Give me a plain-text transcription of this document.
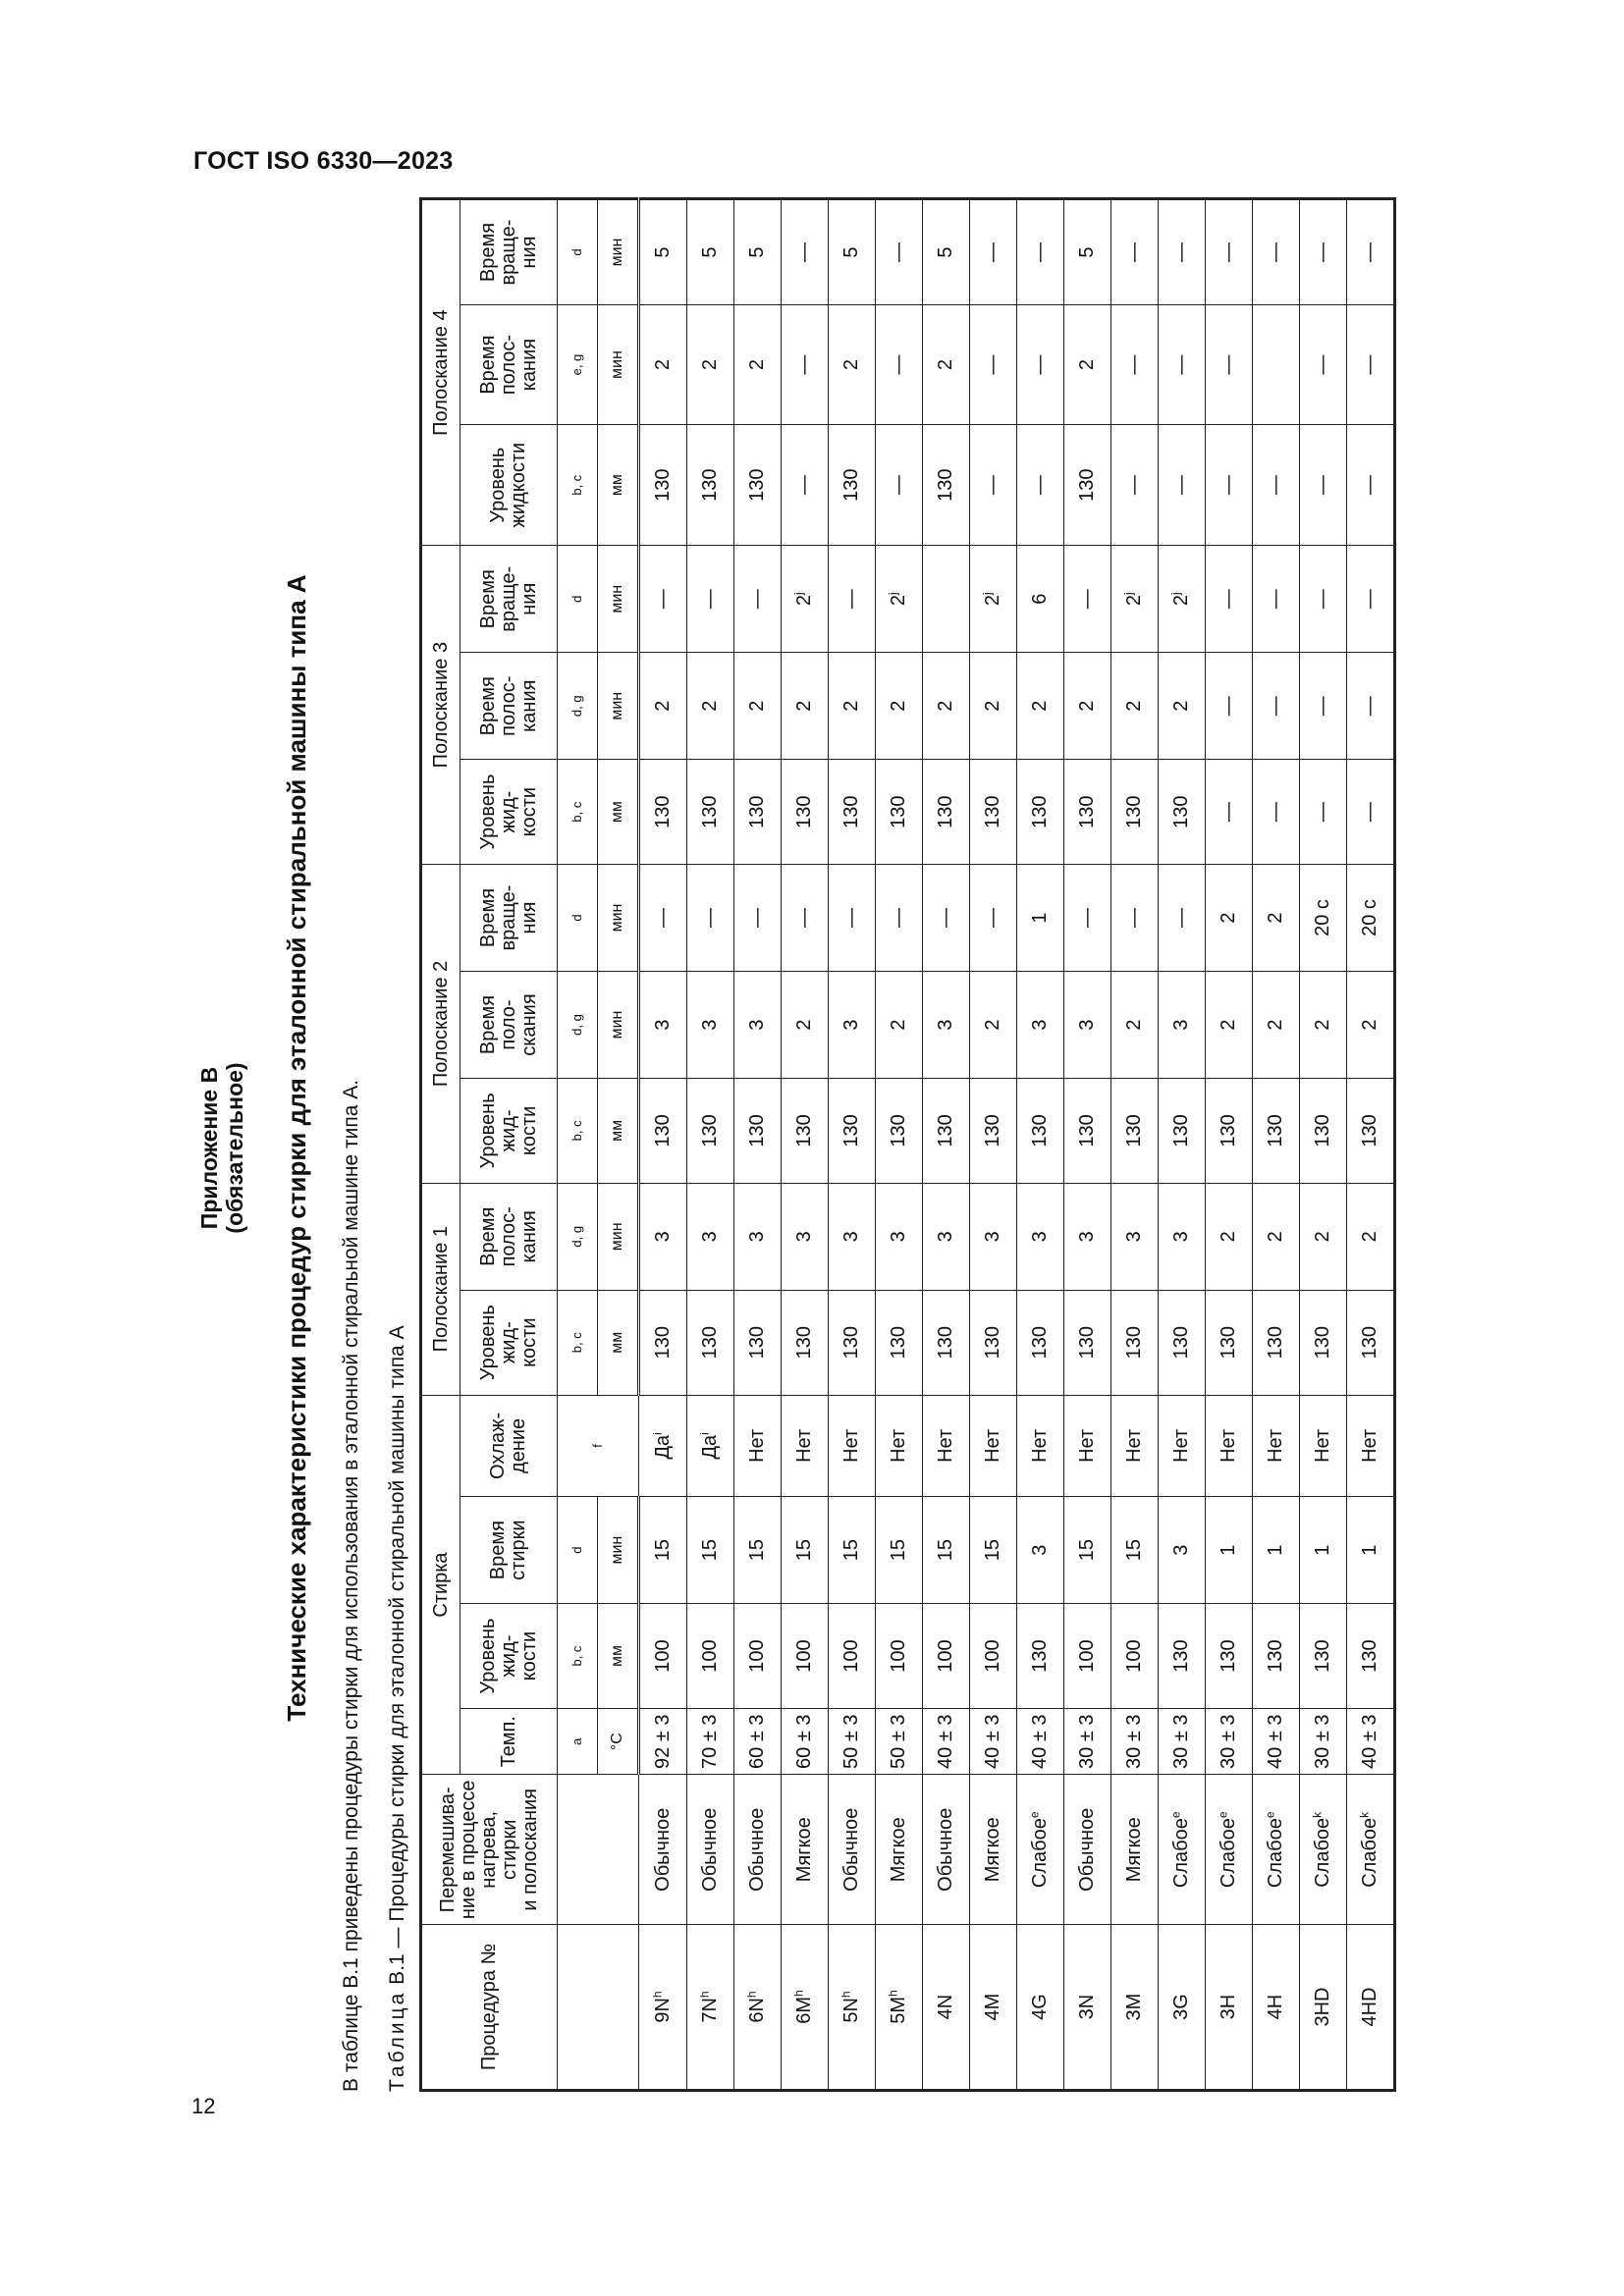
ГОСТ ISO 6330—2023
12
Приложение В (обязательное) Технические характеристики процедур стирки для эталонной стиральной машины типа А В таблице В.1 приведены процедуры стирки для использования в эталонной стиральной машине типа А. Таблица В.1 — Процедуры стирки для эталонной стиральной машины типа А
Процедура №	Перемешива-
ние в процессе
нагрева,
стирки
и полоскания	Стирка				Полоскание 1		Полоскание 2			Полоскание 3			Полоскание 4		
		Темп.	Уровень
жид-
кости	Время
стирки	Охлаж-
дение	Уровень
жид-
кости	Время
полос-
кания	Уровень
жид-
кости	Время
поло-
скания	Время
враще-
ния	Уровень
жид-
кости	Время
полос-
кания	Время
враще-
ния	Уровень
жидкости	Время
полос-
кания	Время
враще-
ния
		a	b, c	d	f	b, c	d, g	b, c	d, g	d	b, c	d, g	d	b, c	e, g	d
		°C	мм	мин		мм	мин	мм	мин	мин	мм	мин	мин	мм	мин	мин
$9N^h$	Обычное	92 ± 3	100	15	$Да^i$	130	3	130	3	—	130	2	—	130	2	5
$7N^h$	Обычное	70 ± 3	100	15	$Да^i$	130	3	130	3	—	130	2	—	130	2	5
$6N^h$	Обычное	60 ± 3	100	15	Нет	130	3	130	3	—	130	2	—	130	2	5
$6M^h$	Мягкое	60 ± 3	100	15	Нет	130	3	130	2	—	130	2	2$^j$	—	—	—
$5N^h$	Обычное	50 ± 3	100	15	Нет	130	3	130	3	—	130	2	—	130	2	5
$5M^h$	Мягкое	50 ± 3	100	15	Нет	130	3	130	2	—	130	2	2$^j$	—	—	—
4N	Обычное	40 ± 3	100	15	Нет	130	3	130	3	—	130	2		130	2	5
4M	Мягкое	40 ± 3	100	15	Нет	130	3	130	2	—	130	2	2$^j$	—	—	—
4G	Слабое$^e$	40 ± 3	130	3	Нет	130	3	130	3	1	130	2	6	—	—	—
3N	Обычное	30 ± 3	100	15	Нет	130	3	130	3	—	130	2	—	130	2	5
3M	Мягкое	30 ± 3	100	15	Нет	130	3	130	2	—	130	2	2$^j$	—	—	—
3G	Слабое$^e$	30 ± 3	130	3	Нет	130	3	130	3	—	130	2	2$^j$	—	—	—
3H	Слабое$^e$	30 ± 3	130	1	Нет	130	2	130	2	2	—	—	—	—	—	—
4H	Слабое$^e$	40 ± 3	130	1	Нет	130	2	130	2	2	—	—	—	—		—
3HD	Слабое$^k$	30 ± 3	130	1	Нет	130	2	130	2	20 с	—	—	—	—	—	—
4HD	Слабое$^k$	40 ± 3	130	1	Нет	130	2	130	2	20 с	—	—	—	—	—	—
